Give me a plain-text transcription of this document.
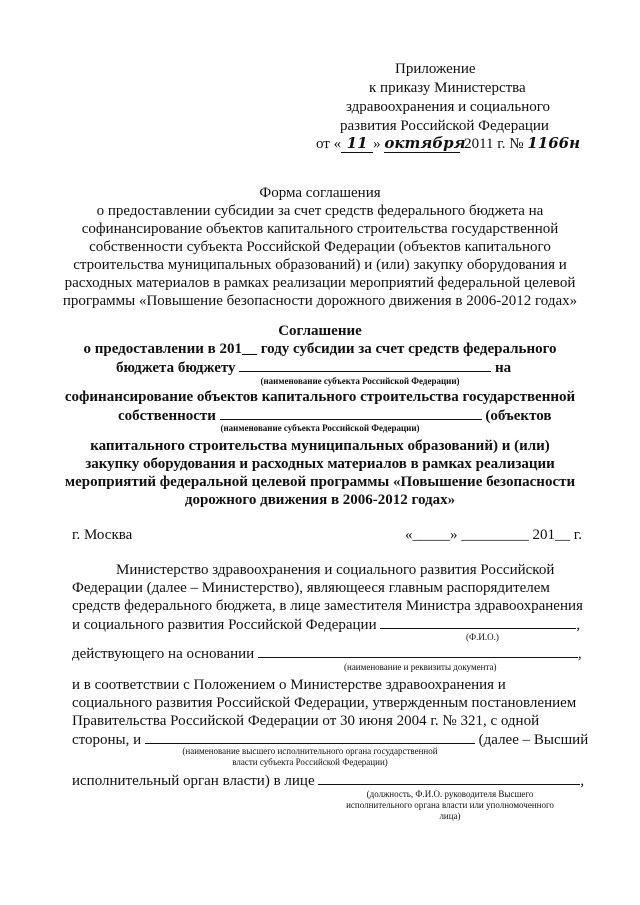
Приложение
к приказу Министерства
здравоохранения и социального
развития Российской Федерации
от « 11 » октября 2011 г. № 1166н
Форма соглашения
о предоставлении субсидии за счет средств федерального бюджета на
софинансирование объектов капитального строительства государственной
собственности субъекта Российской Федерации (объектов капитального
строительства муниципальных образований) и (или) закупку оборудования и
расходных материалов в рамках реализации мероприятий федеральной целевой
программы «Повышение безопасности дорожного движения в 2006-2012 годах»
Соглашение
о предоставлении в 201__ году субсидии за счет средств федерального
бюджета бюджету	на
(наименование субъекта Российской Федерации)
софинансирование объектов капитального строительства государственной
собственности	(объектов
(наименование субъекта Российской Федерации)
капитального строительства муниципальных образований) и (или)
закупку оборудования и расходных материалов в рамках реализации
мероприятий федеральной целевой программы «Повышение безопасности
дорожного движения в 2006-2012 годах»
г. Москва	«_____» _________ 201__ г.
Министерство здравоохранения и социального развития Российской
Федерации (далее – Министерство), являющееся главным распорядителем
средств федерального бюджета, в лице заместителя Министра здравоохранения
и социального развития Российской Федерации	,
(Ф.И.О.)
действующего на основании	,
(наименование и реквизиты документа)
и в соответствии с Положением о Министерстве здравоохранения и
социального развития Российской Федерации, утвержденным постановлением
Правительства Российской Федерации от 30 июня 2004 г. № 321, с одной
стороны, и	(далее – Высший
(наименование высшего исполнительного органа государственной
власти субъекта Российской Федерации)
исполнительный орган власти) в лице	,
(должность, Ф.И.О. руководителя Высшего
исполнительного органа власти или уполномоченного
лица)
